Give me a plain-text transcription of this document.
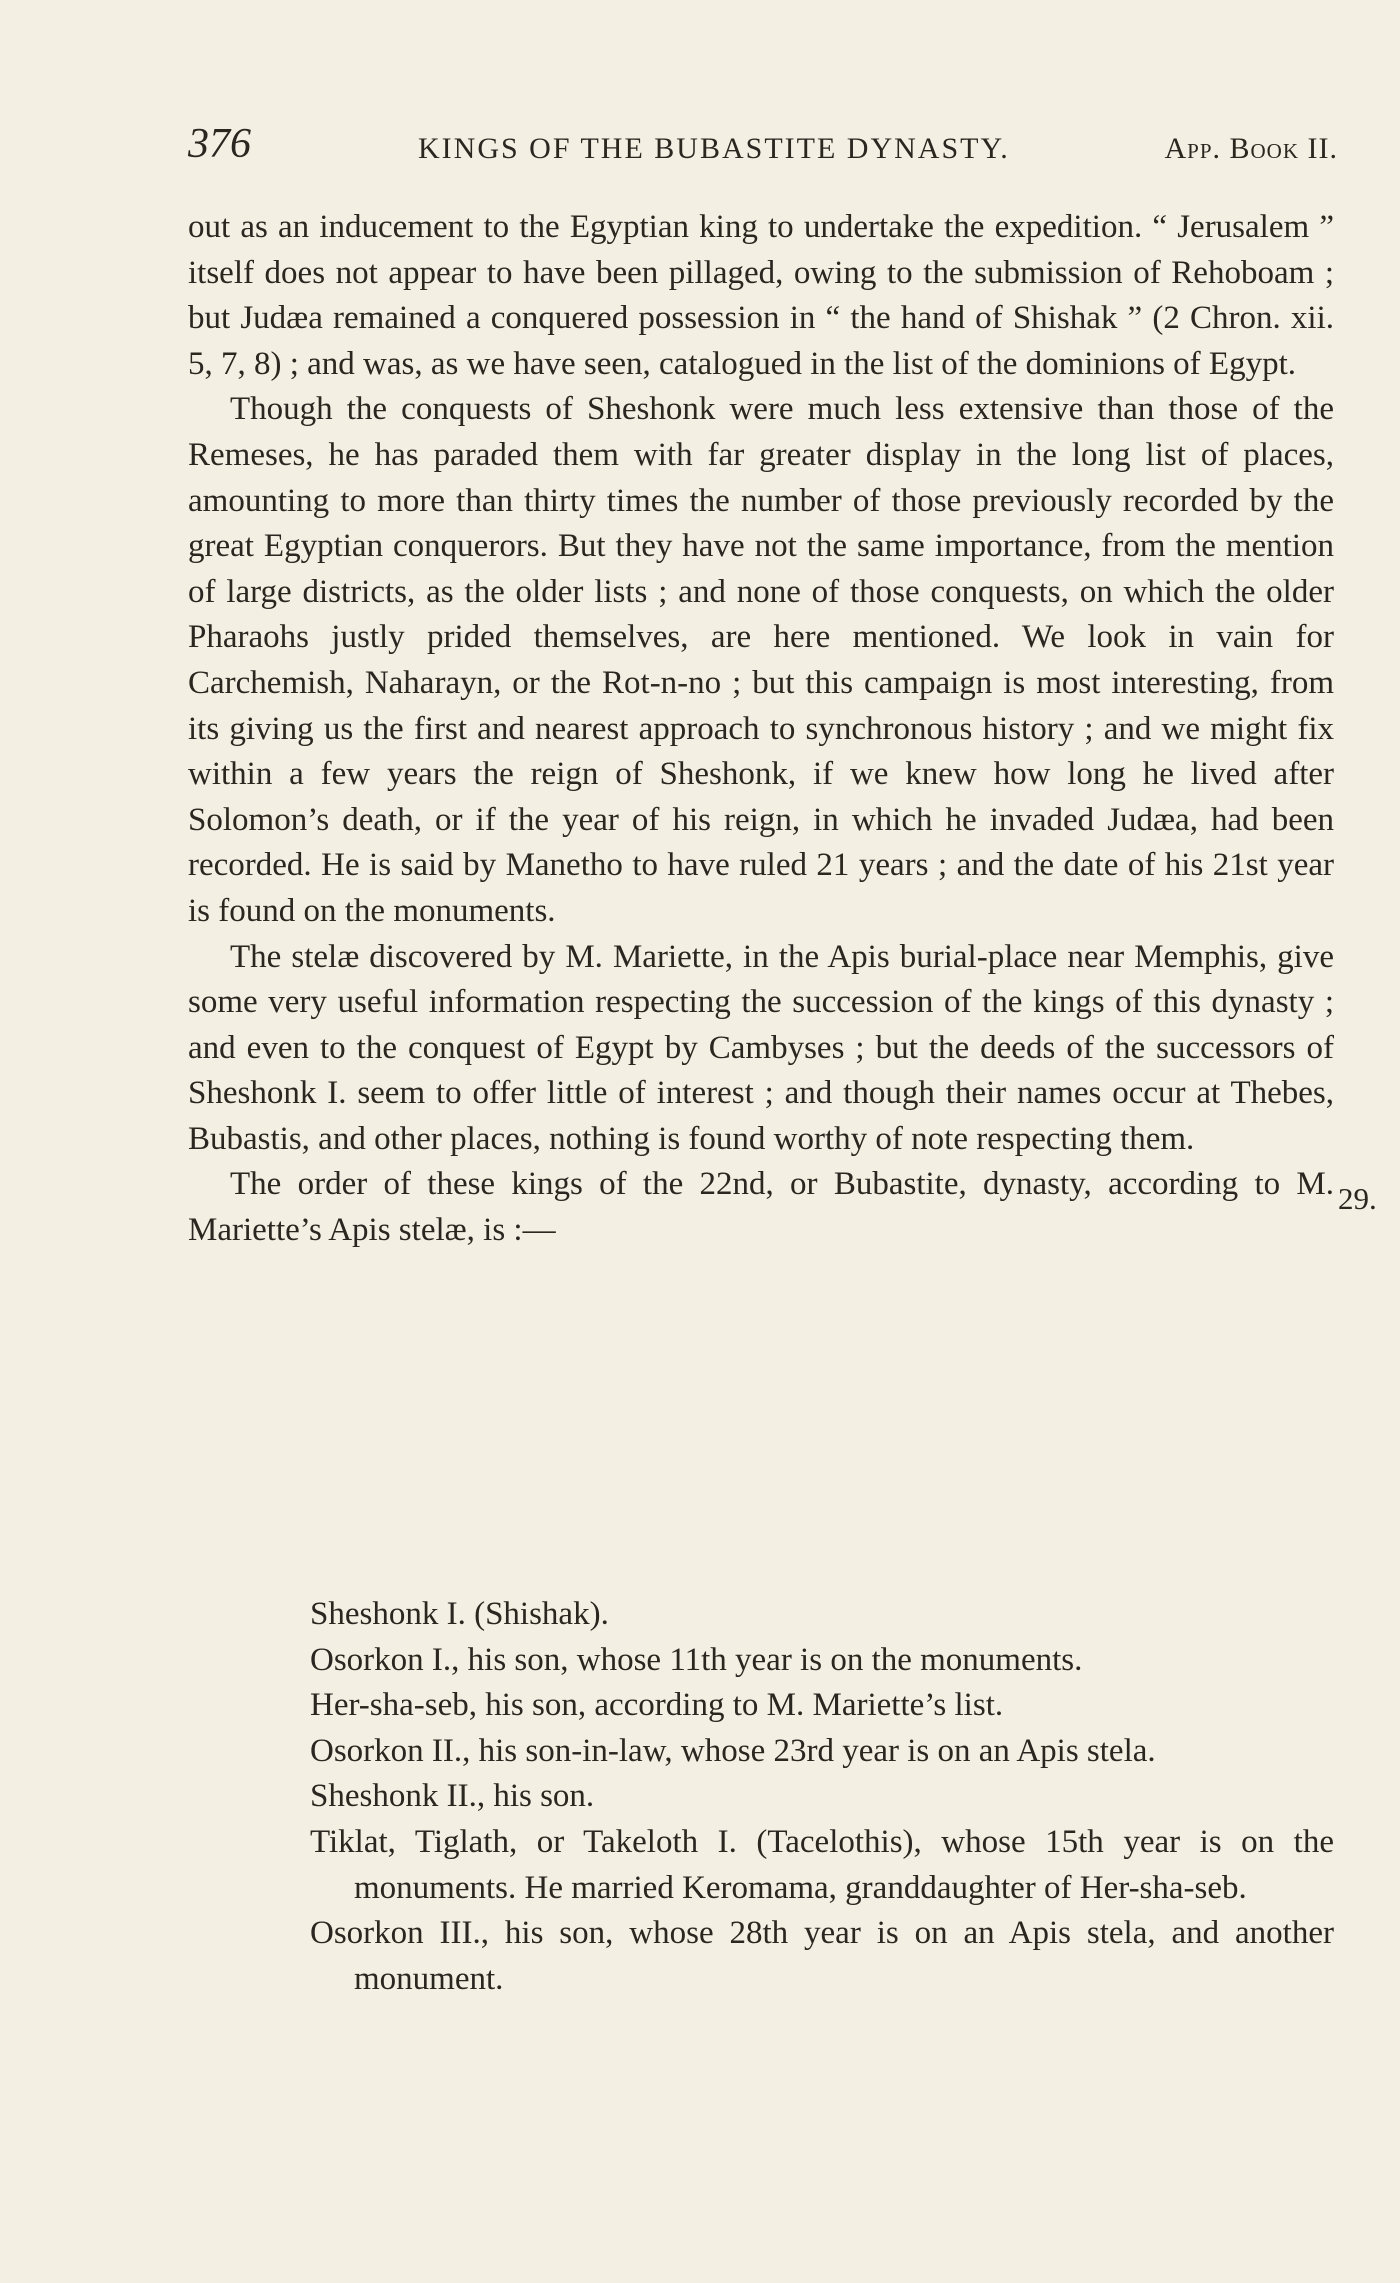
376	KINGS OF THE BUBASTITE DYNASTY.	App. Book II.

out as an inducement to the Egyptian king to undertake the expedition. “ Jerusalem ” itself does not appear to have been pillaged, owing to the submission of Rehoboam ; but Judæa remained a conquered possession in “ the hand of Shishak ” (2 Chron. xii. 5, 7, 8) ; and was, as we have seen, catalogued in the list of the dominions of Egypt.

Though the conquests of Sheshonk were much less extensive than those of the Remeses, he has paraded them with far greater display in the long list of places, amounting to more than thirty times the number of those previously recorded by the great Egyptian conquerors. But they have not the same importance, from the mention of large districts, as the older lists ; and none of those conquests, on which the older Pharaohs justly prided themselves, are here mentioned. We look in vain for Carchemish, Naharayn, or the Rot-n-no ; but this campaign is most interesting, from its giving us the first and nearest approach to synchronous history ; and we might fix within a few years the reign of Sheshonk, if we knew how long he lived after Solomon’s death, or if the year of his reign, in which he invaded Judæa, had been recorded. He is said by Manetho to have ruled 21 years ; and the date of his 21st year is found on the monuments.

The stelæ discovered by M. Mariette, in the Apis burial-place near Memphis, give some very useful information respecting the succession of the kings of this dynasty ; and even to the conquest of Egypt by Cambyses ; but the deeds of the successors of Sheshonk I. seem to offer little of interest ; and though their names occur at Thebes, Bubastis, and other places, nothing is found worthy of note respecting them.

The order of these kings of the 22nd, or Bubastite, dynasty, according to M. Mariette’s Apis stelæ, is :—

29.
Sheshonk I. (Shishak).
Osorkon I., his son, whose 11th year is on the monuments.
Her-sha-seb, his son, according to M. Mariette’s list.
Osorkon II., his son-in-law, whose 23rd year is on an Apis stela.
Sheshonk II., his son.
Tiklat, Tiglath, or Takeloth I. (Tacelothis), whose 15th year is on the monuments. He married Keromama, granddaughter of Her-sha-seb.
Osorkon III., his son, whose 28th year is on an Apis stela, and another monument.
